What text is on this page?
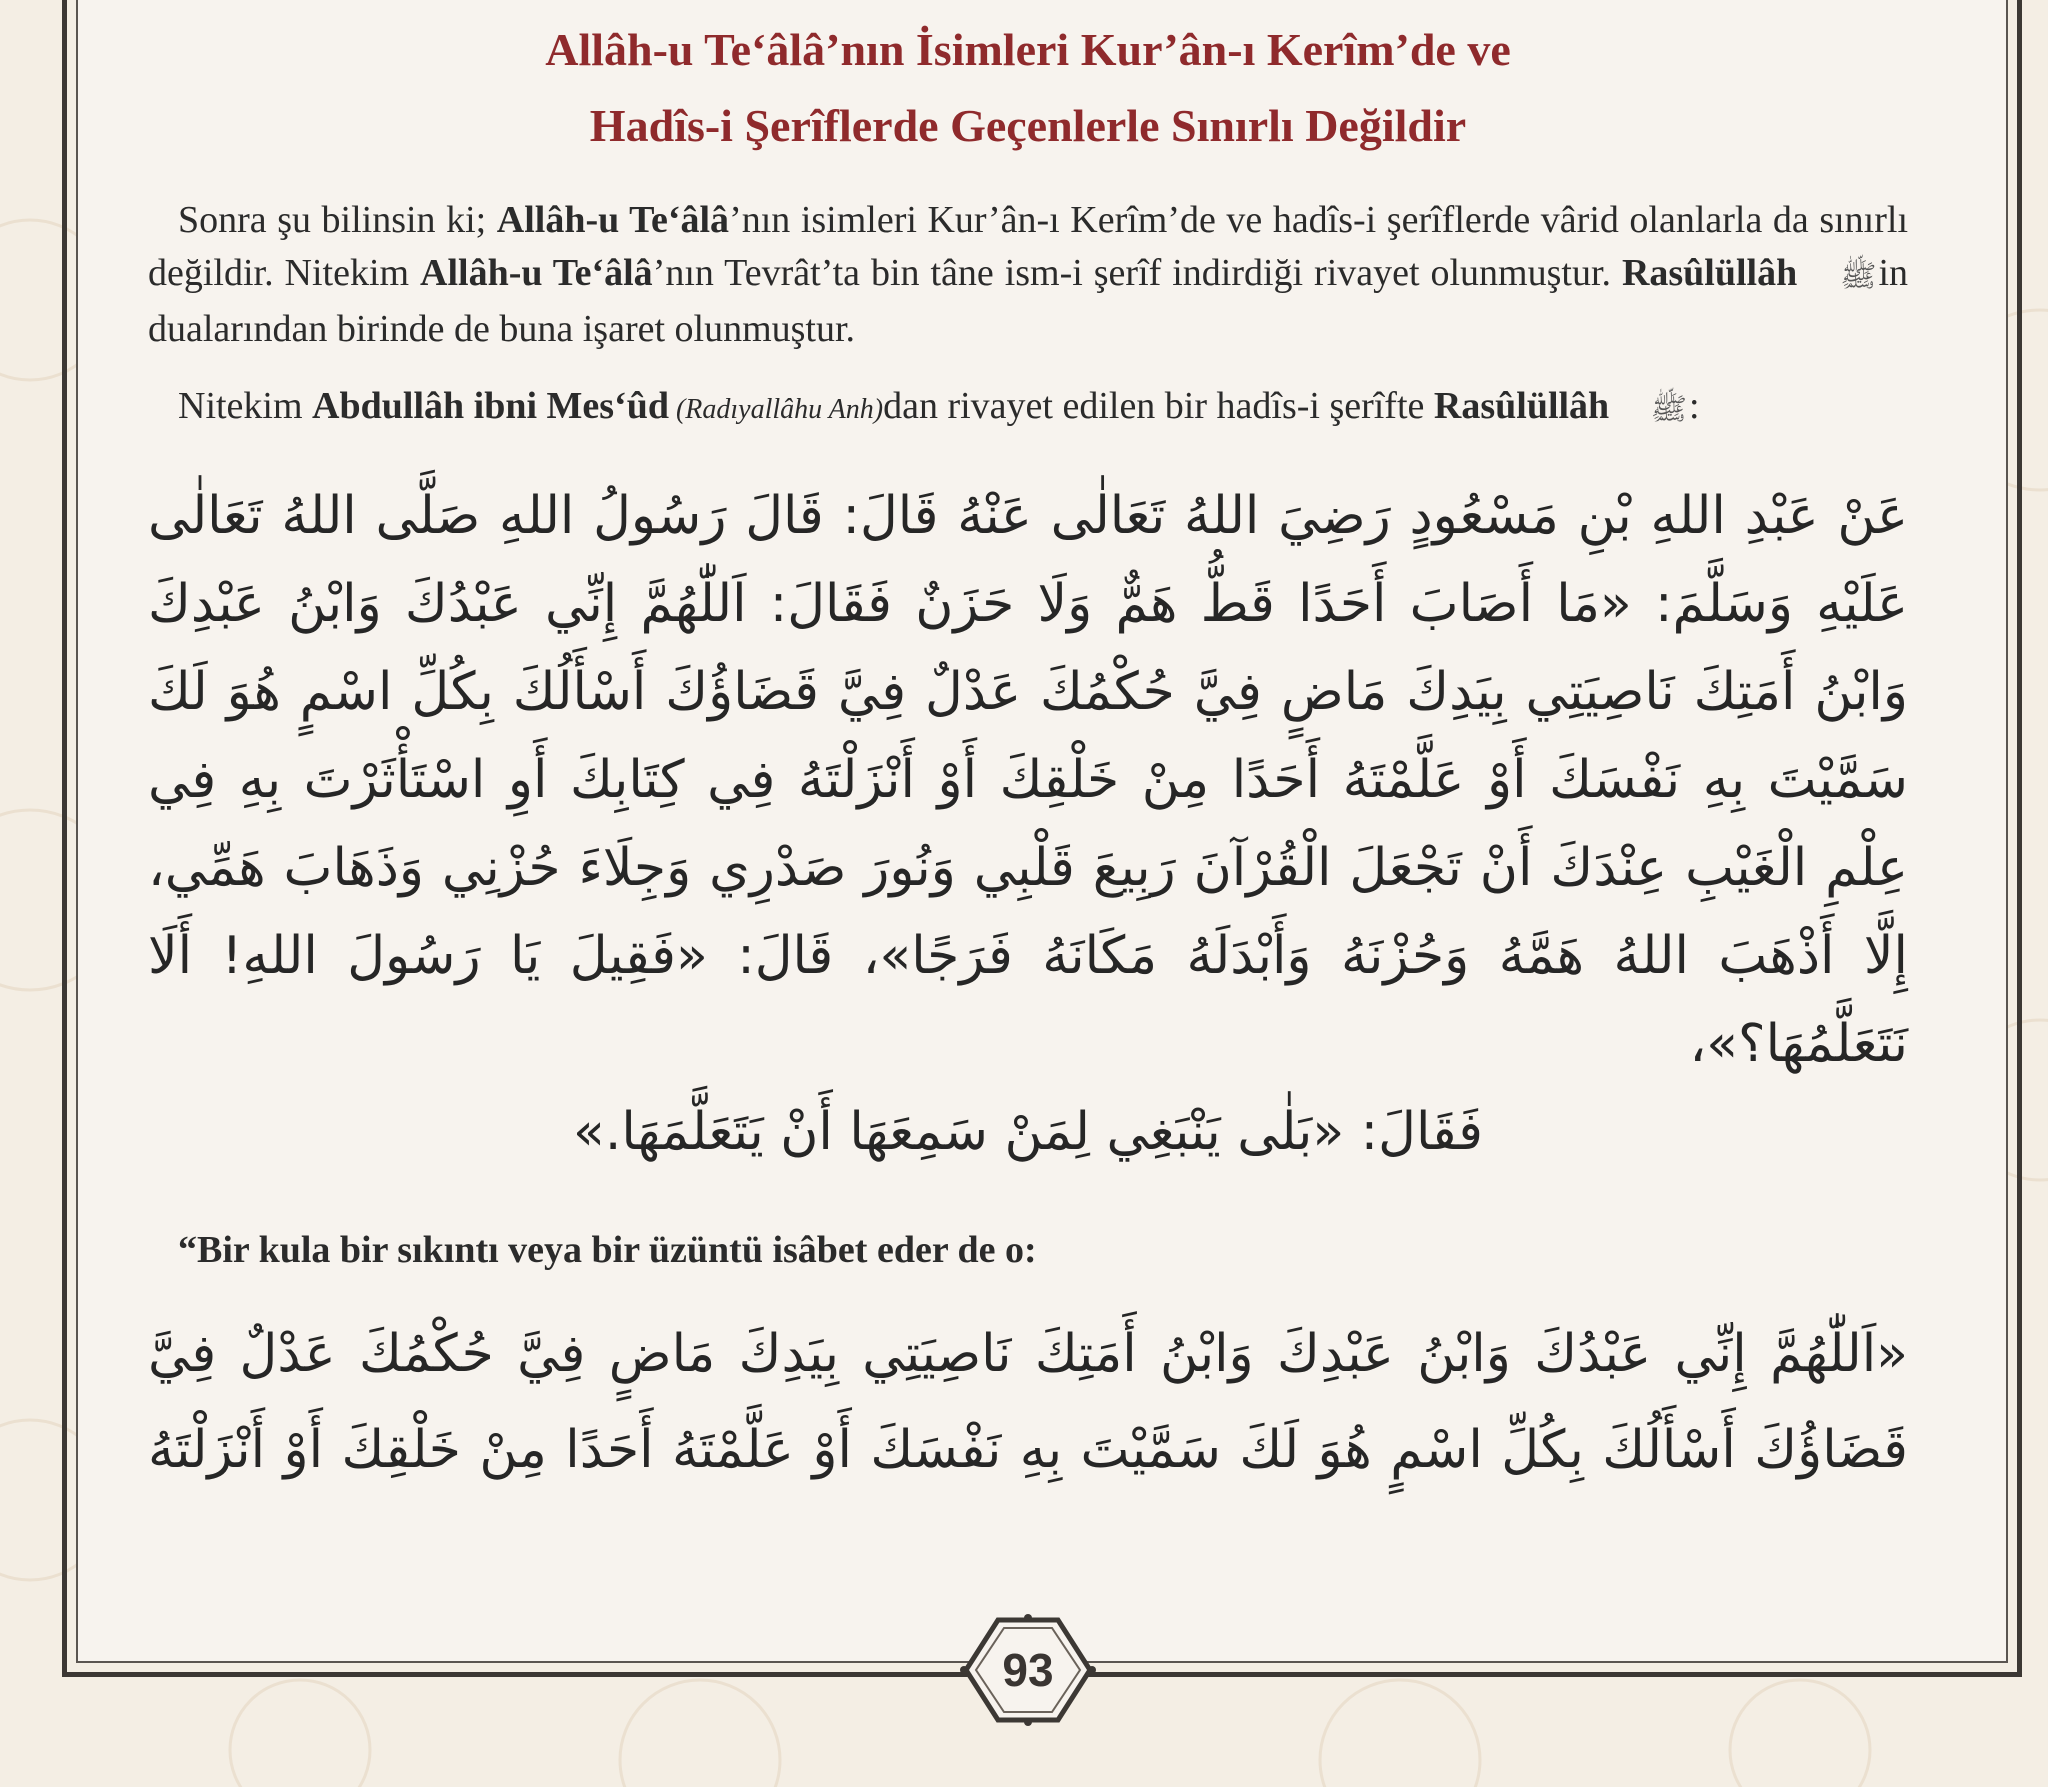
Allâh-u Te‘âlâ’nın İsimleri Kur’ân-ı Kerîm’de ve
Hadîs-i Şerîflerde Geçenlerle Sınırlı Değildir

Sonra şu bilinsin ki; Allâh-u Te‘âlâ’nın isimleri Kur’ân-ı Kerîm’de ve hadîs-i şerîflerde vârid olanlarla da sınırlı değildir. Nitekim Allâh-u Te‘âlâ’nın Tevrât’ta bin tâne ism-i şerîf indirdiği rivayet olunmuştur. Rasûlüllâh ﷺin dualarından birinde de buna işaret olunmuştur.

Nitekim Abdullâh ibni Mes‘ûd (Radıyallâhu Anh)dan rivayet edilen bir hadîs-i şerîfte Rasûlüllâh ﷺ:

عَنْ عَبْدِ اللهِ بْنِ مَسْعُودٍ رَضِيَ اللهُ تَعَالٰى عَنْهُ قَالَ: قَالَ رَسُولُ اللهِ صَلَّى اللهُ تَعَالٰى عَلَيْهِ وَسَلَّمَ: «مَا أَصَابَ أَحَدًا قَطُّ هَمٌّ وَلَا حَزَنٌ فَقَالَ: اَللّٰهُمَّ إِنِّي عَبْدُكَ وَابْنُ عَبْدِكَ وَابْنُ أَمَتِكَ نَاصِيَتِي بِيَدِكَ مَاضٍ فِيَّ حُكْمُكَ عَدْلٌ فِيَّ قَضَاؤُكَ أَسْأَلُكَ بِكُلِّ اسْمٍ هُوَ لَكَ سَمَّيْتَ بِهِ نَفْسَكَ أَوْ عَلَّمْتَهُ أَحَدًا مِنْ خَلْقِكَ أَوْ أَنْزَلْتَهُ فِي كِتَابِكَ أَوِ اسْتَأْثَرْتَ بِهِ فِي عِلْمِ الْغَيْبِ عِنْدَكَ أَنْ تَجْعَلَ الْقُرْآنَ رَبِيعَ قَلْبِي وَنُورَ صَدْرِي وَجِلَاءَ حُزْنِي وَذَهَابَ هَمِّي، إِلَّا أَذْهَبَ اللهُ هَمَّهُ وَحُزْنَهُ وَأَبْدَلَهُ مَكَانَهُ فَرَجًا»، قَالَ: «فَقِيلَ يَا رَسُولَ اللهِ! أَلَا نَتَعَلَّمُهَا؟»،
فَقَالَ: «بَلٰى يَنْبَغِي لِمَنْ سَمِعَهَا أَنْ يَتَعَلَّمَهَا.»
“Bir kula bir sıkıntı veya bir üzüntü isâbet eder de o:
«اَللّٰهُمَّ إِنِّي عَبْدُكَ وَابْنُ عَبْدِكَ وَابْنُ أَمَتِكَ نَاصِيَتِي بِيَدِكَ مَاضٍ فِيَّ حُكْمُكَ عَدْلٌ فِيَّ قَضَاؤُكَ أَسْأَلُكَ بِكُلِّ اسْمٍ هُوَ لَكَ سَمَّيْتَ بِهِ نَفْسَكَ أَوْ عَلَّمْتَهُ أَحَدًا مِنْ خَلْقِكَ أَوْ أَنْزَلْتَهُ
93
